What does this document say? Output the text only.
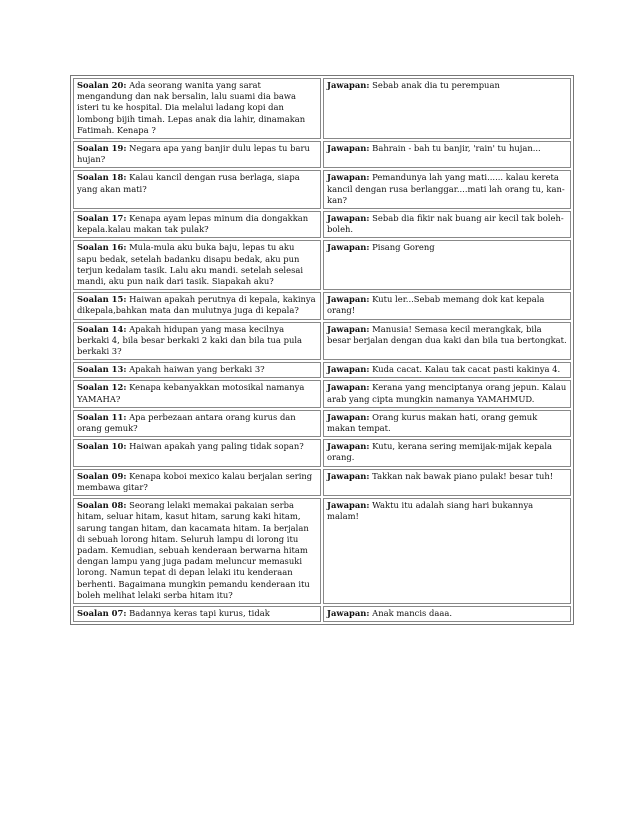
Soalan 20: Ada seorang wanita yang sarat mengandung dan nak bersalin, lalu suami dia bawa isteri tu ke hospital. Dia melalui ladang kopi dan lombong bijih timah. Lepas anak dia lahir, dinamakan Fatimah. Kenapa ?	Jawapan: Sebab anak dia tu perempuan
Soalan 19: Negara apa yang banjir dulu lepas tu baru hujan?	Jawapan: Bahrain - bah tu banjir, 'rain' tu hujan...
Soalan 18: Kalau kancil dengan rusa berlaga, siapa yang akan mati?	Jawapan: Pemandunya lah yang mati...... kalau kereta kancil dengan rusa berlanggar....mati lah orang tu, kan-kan?
Soalan 17: Kenapa ayam lepas minum dia dongakkan kepala.kalau makan tak pulak?	Jawapan: Sebab dia fikir nak buang air kecil tak boleh-boleh.
Soalan 16: Mula-mula aku buka baju, lepas tu aku sapu bedak, setelah badanku disapu bedak, aku pun terjun kedalam tasik. Lalu aku mandi. setelah selesai mandi, aku pun naik dari tasik. Siapakah aku?	Jawapan: Pisang Goreng
Soalan 15: Haiwan apakah perutnya di kepala, kakinya dikepala,bahkan mata dan mulutnya juga di kepala?	Jawapan: Kutu ler...Sebab memang dok kat kepala orang!
Soalan 14: Apakah hidupan yang masa kecilnya berkaki 4, bila besar berkaki 2 kaki dan bila tua pula berkaki 3?	Jawapan: Manusia! Semasa kecil merangkak, bila besar berjalan dengan dua kaki dan bila tua bertongkat.
Soalan 13: Apakah haiwan yang berkaki 3?	Jawapan: Kuda cacat. Kalau tak cacat pasti kakinya 4.
Soalan 12: Kenapa kebanyakkan motosikal namanya YAMAHA?	Jawapan: Kerana yang menciptanya orang jepun. Kalau arab yang cipta mungkin namanya YAMAHMUD.
Soalan 11: Apa perbezaan antara orang kurus dan orang gemuk?	Jawapan: Orang kurus makan hati, orang gemuk makan tempat.
Soalan 10: Haiwan apakah yang paling tidak sopan?	Jawapan: Kutu, kerana sering memijak-mijak kepala orang.
Soalan 09: Kenapa koboi mexico kalau berjalan sering membawa gitar?	Jawapan: Takkan nak bawak piano pulak! besar tuh!
Soalan 08: Seorang lelaki memakai pakaian serba hitam, seluar hitam, kasut hitam, sarung kaki hitam, sarung tangan hitam, dan kacamata hitam. Ia berjalan di sebuah lorong hitam. Seluruh lampu di lorong itu padam. Kemudian, sebuah kenderaan berwarna hitam dengan lampu yang juga padam meluncur memasuki lorong. Namun tepat di depan lelaki itu kenderaan berhenti. Bagaimana mungkin pemandu kenderaan itu boleh melihat lelaki serba hitam itu?	Jawapan: Waktu itu adalah siang hari bukannya malam!
Soalan 07: Badannya keras tapi kurus, tidak	Jawapan: Anak mancis daaa.
